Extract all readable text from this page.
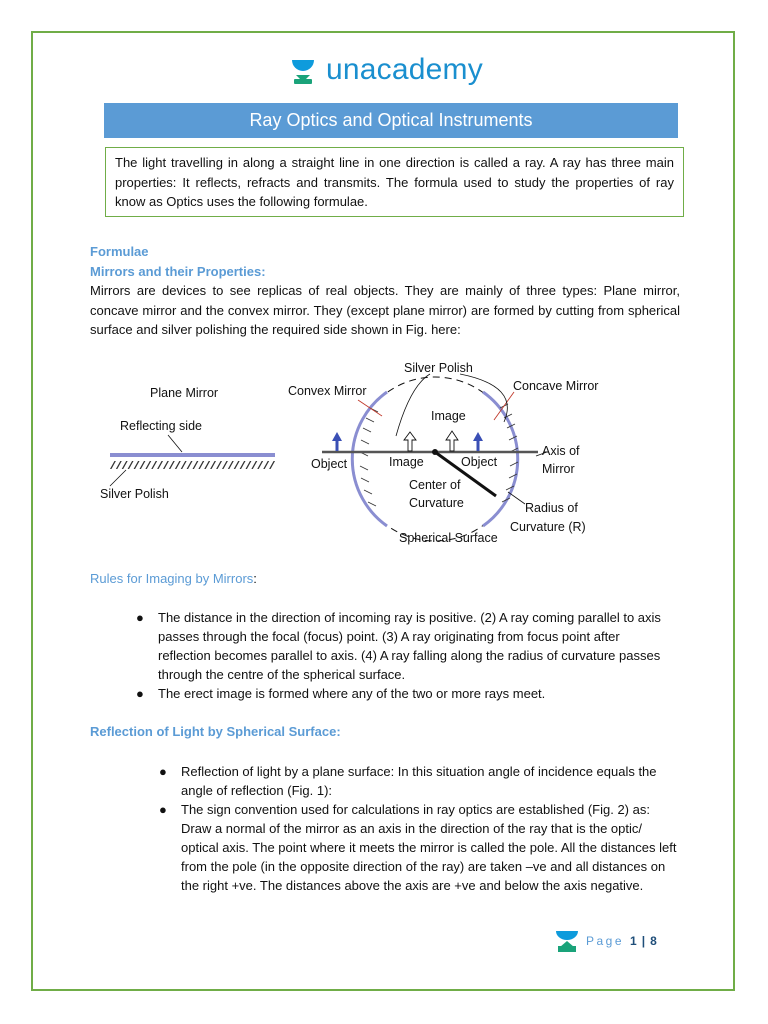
unacademy
Ray Optics and Optical Instruments
The light travelling in along a straight line in one direction is called a ray. A ray has three main properties: It reflects, refracts and transmits. The formula used to study the properties of ray know as Optics uses the following formulae.
Formulae
Mirrors and their Properties:
Mirrors are devices to see replicas of real objects. They are mainly of three types: Plane mirror, concave mirror and the convex mirror. They (except plane mirror) are formed by cutting from spherical surface and silver polishing the required side shown in Fig. here:
Plane Mirror
Reflecting side
////////////////////////////
Silver Polish
Convex Mirror
Silver Polish
Concave Mirror
Image
Object	Image	Object
Axis of
Mirror
Center of
Curvature	Radius of
Curvature (R)
Spherical Surface
Rules for Imaging by Mirrors:
● The distance in the direction of incoming ray is positive. (2) A ray coming parallel to axis passes through the focal (focus) point. (3) A ray originating from focus point after reflection becomes parallel to axis. (4) A ray falling along the radius of curvature passes through the centre of the spherical surface.
● The erect image is formed where any of the two or more rays meet.
Reflection of Light by Spherical Surface:
● Reflection of light by a plane surface: In this situation angle of incidence equals the angle of reflection (Fig. 1):
● The sign convention used for calculations in ray optics are established (Fig. 2) as: Draw a normal of the mirror as an axis in the direction of the ray that is the optic/ optical axis. The point where it meets the mirror is called the pole. All the distances left from the pole (in the opposite direction of the ray) are taken –ve and all distances on the right +ve. The distances above the axis are +ve and below the axis negative.
Page 1 | 8
